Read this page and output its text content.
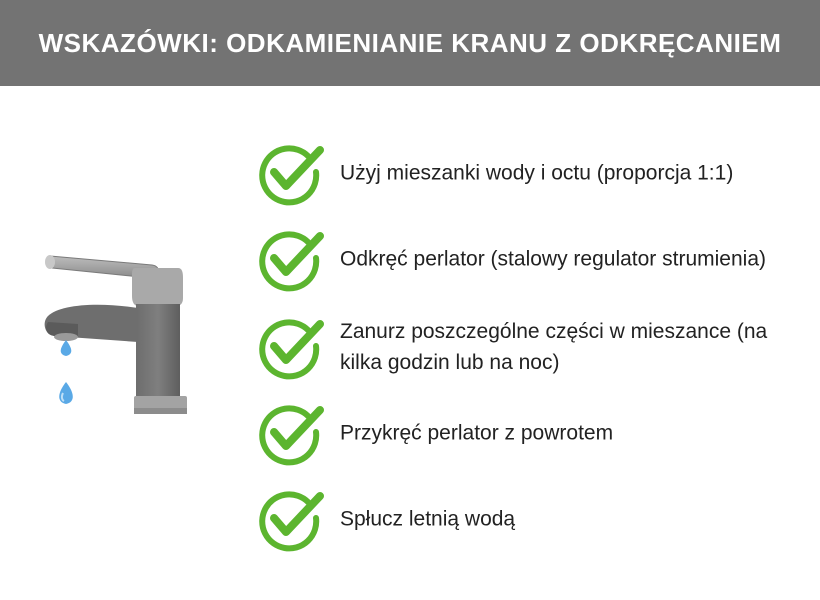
WSKAZÓWKI: ODKAMIENIANIE KRANU Z ODKRĘCANIEM
Użyj mieszanki wody i octu (proporcja 1:1)
Odkręć perlator (stalowy regulator strumienia)
Zanurz poszczególne części w mieszance (na kilka godzin lub na noc)
Przykręć perlator z powrotem
Spłucz letnią wodą
